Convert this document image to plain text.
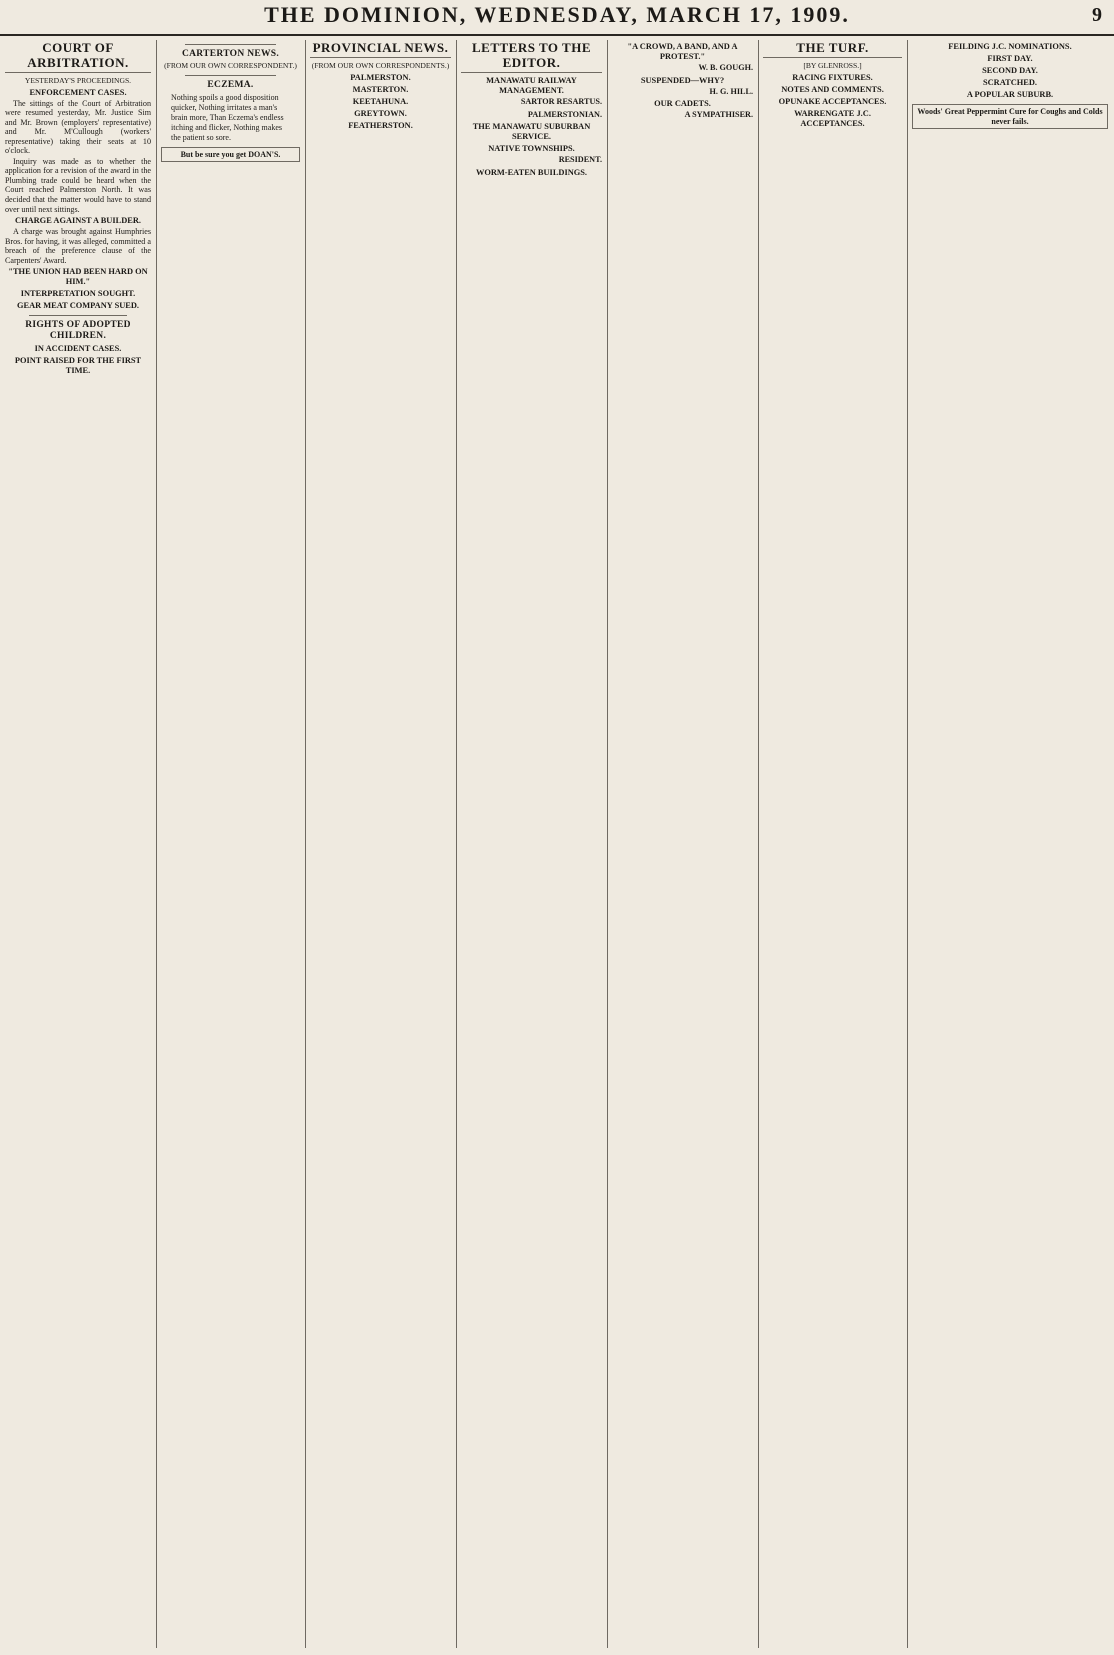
THE DOMINION, WEDNESDAY, MARCH 17, 1909.	9
COURT OF ARBITRATION.
YESTERDAY'S PROCEEDINGS.
ENFORCEMENT CASES.

The sittings of the Court of Arbitration were resumed yesterday, Mr. Justice Sim and Mr. Brown (employers' representative) and Mr. M'Cullough (workers' representative) taking their seats at 10 o'clock.

Inquiry was made as to whether the application for a revision of the award in the Plumbing trade could be heard when the Court reached Palmerston North. It was decided that the matter would have to stand over until next sittings.

CHARGE AGAINST A BUILDER.

A charge was brought against Humphries Bros. for having, it was alleged, committed a breach of the preference clause of the Carpenters' Award.

"THE UNION HAD BEEN HARD ON HIM."
INTERPRETATION SOUGHT.
GEAR MEAT COMPANY SUED.
RIGHTS OF ADOPTED CHILDREN.
IN ACCIDENT CASES.
POINT RAISED FOR THE FIRST TIME.
CARTERTON NEWS.
(FROM OUR OWN CORRESPONDENT.)
ECZEMA.
Nothing spoils a good disposition quicker, Nothing irritates a man's brain more, Than Eczema's endless itching and flicker, Nothing makes the patient so sore.
But be sure you get DOAN'S.
PROVINCIAL NEWS.
(FROM OUR OWN CORRESPONDENTS.)
PALMERSTON.
MASTERTON.
KEETAHUNA.
GREYTOWN.
FEATHERSTON.
LETTERS TO THE EDITOR.
MANAWATU RAILWAY MANAGEMENT.
SARTOR RESARTUS.
PALMERSTONIAN.
THE MANAWATU SUBURBAN SERVICE.
NATIVE TOWNSHIPS.
RESIDENT.
WORM-EATEN BUILDINGS.
"A CROWD, A BAND, AND A PROTEST."
W. B. GOUGH.
SUSPENDED—WHY?
H. G. HILL.
OUR CADETS.
A SYMPATHISER.
THE TURF.
[BY GLENROSS.]
RACING FIXTURES.
NOTES AND COMMENTS.
OPUNAKE ACCEPTANCES.
WARRENGATE J.C. ACCEPTANCES.
FEILDING J.C. NOMINATIONS.
FIRST DAY.
SECOND DAY.
SCRATCHED.
A POPULAR SUBURB.
Woods' Great Peppermint Cure for Coughs and Colds never fails.
